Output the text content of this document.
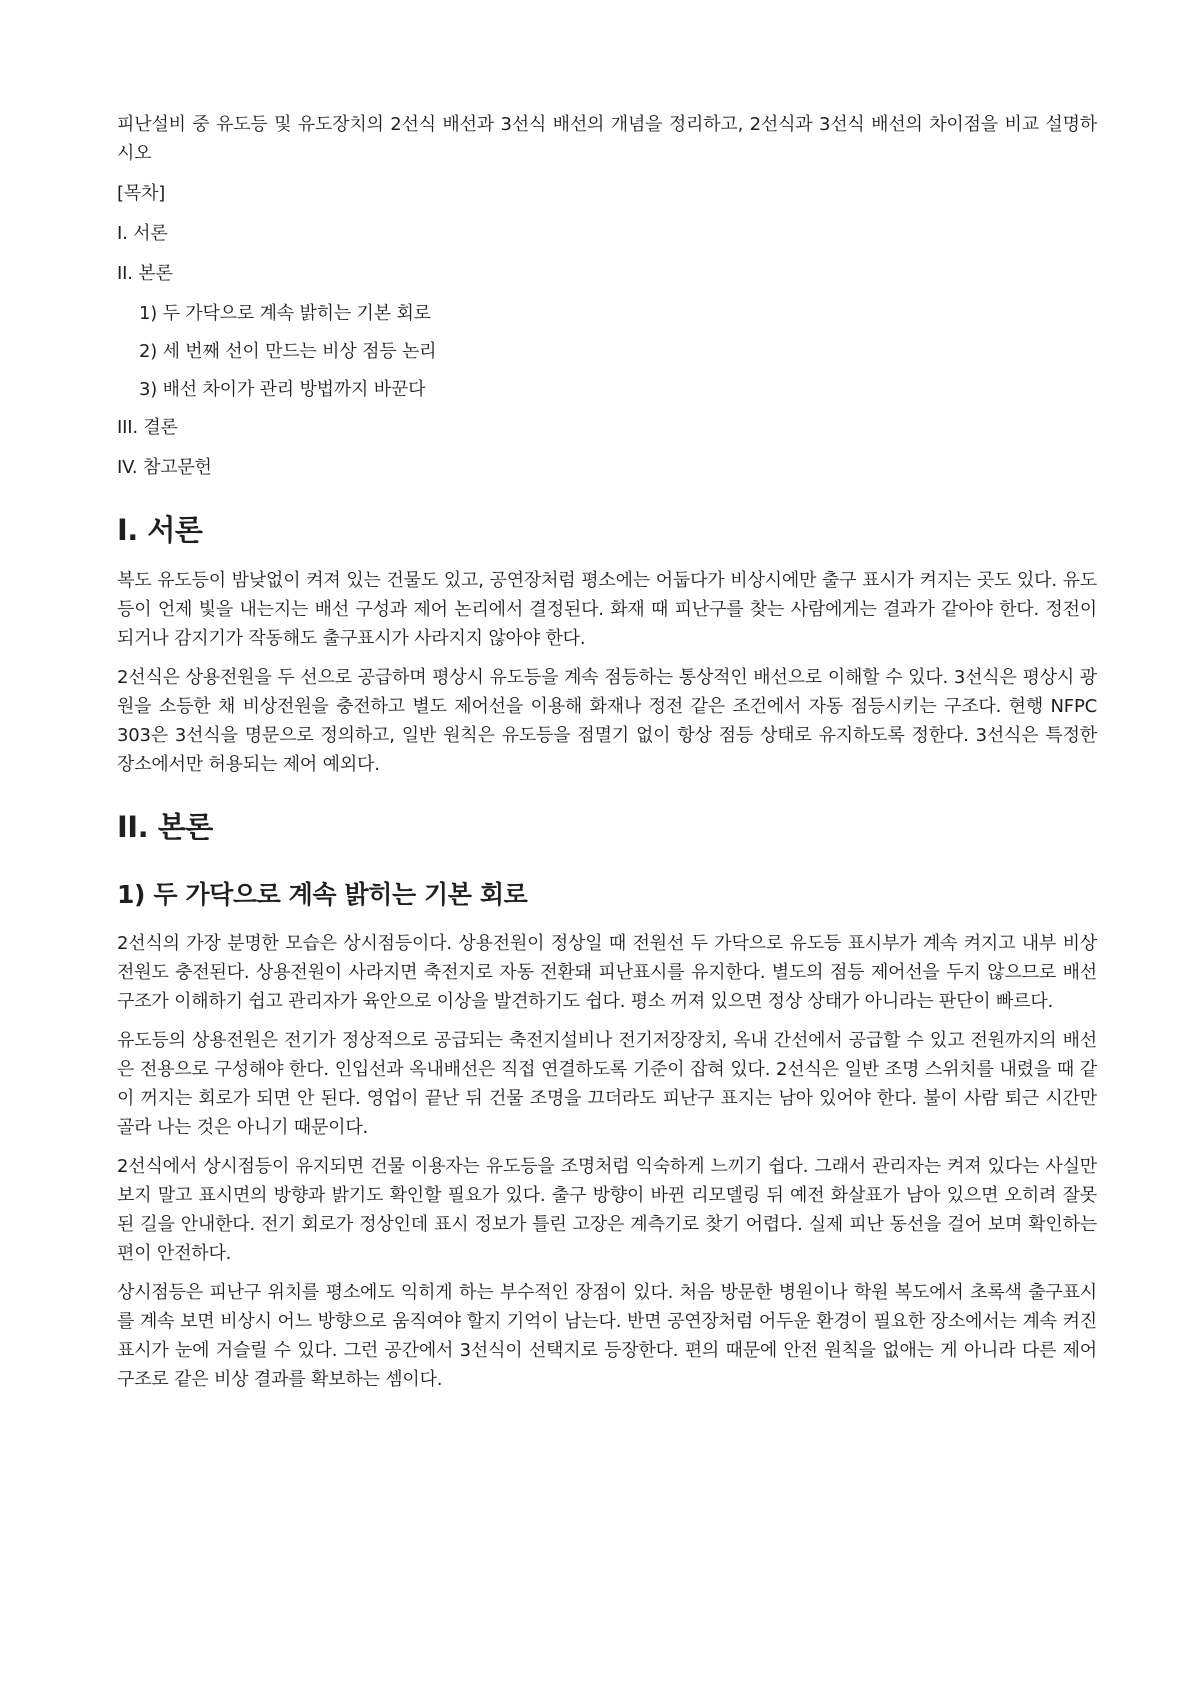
피난설비 중 유도등 및 유도장치의 2선식 배선과 3선식 배선의 개념을 정리하고, 2선식과 3선식 배선의 차이점을 비교 설명하시오

[목차]
I. 서론
II. 본론
1) 두 가닥으로 계속 밝히는 기본 회로
2) 세 번째 선이 만드는 비상 점등 논리
3) 배선 차이가 관리 방법까지 바꾼다
III. 결론
IV. 참고문헌
I. 서론

복도 유도등이 밤낮없이 켜져 있는 건물도 있고, 공연장처럼 평소에는 어둡다가 비상시에만 출구 표시가 켜지는 곳도 있다. 유도등이 언제 빛을 내는지는 배선 구성과 제어 논리에서 결정된다. 화재 때 피난구를 찾는 사람에게는 결과가 같아야 한다. 정전이 되거나 감지기가 작동해도 출구표시가 사라지지 않아야 한다.

2선식은 상용전원을 두 선으로 공급하며 평상시 유도등을 계속 점등하는 통상적인 배선으로 이해할 수 있다. 3선식은 평상시 광원을 소등한 채 비상전원을 충전하고 별도 제어선을 이용해 화재나 정전 같은 조건에서 자동 점등시키는 구조다. 현행 NFPC 303은 3선식을 명문으로 정의하고, 일반 원칙은 유도등을 점멸기 없이 항상 점등 상태로 유지하도록 정한다. 3선식은 특정한 장소에서만 허용되는 제어 예외다.

II. 본론
1) 두 가닥으로 계속 밝히는 기본 회로

2선식의 가장 분명한 모습은 상시점등이다. 상용전원이 정상일 때 전원선 두 가닥으로 유도등 표시부가 계속 켜지고 내부 비상전원도 충전된다. 상용전원이 사라지면 축전지로 자동 전환돼 피난표시를 유지한다. 별도의 점등 제어선을 두지 않으므로 배선 구조가 이해하기 쉽고 관리자가 육안으로 이상을 발견하기도 쉽다. 평소 꺼져 있으면 정상 상태가 아니라는 판단이 빠르다.

유도등의 상용전원은 전기가 정상적으로 공급되는 축전지설비나 전기저장장치, 옥내 간선에서 공급할 수 있고 전원까지의 배선은 전용으로 구성해야 한다. 인입선과 옥내배선은 직접 연결하도록 기준이 잡혀 있다. 2선식은 일반 조명 스위치를 내렸을 때 같이 꺼지는 회로가 되면 안 된다. 영업이 끝난 뒤 건물 조명을 끄더라도 피난구 표지는 남아 있어야 한다. 불이 사람 퇴근 시간만 골라 나는 것은 아니기 때문이다.

2선식에서 상시점등이 유지되면 건물 이용자는 유도등을 조명처럼 익숙하게 느끼기 쉽다. 그래서 관리자는 켜져 있다는 사실만 보지 말고 표시면의 방향과 밝기도 확인할 필요가 있다. 출구 방향이 바뀐 리모델링 뒤 예전 화살표가 남아 있으면 오히려 잘못된 길을 안내한다. 전기 회로가 정상인데 표시 정보가 틀린 고장은 계측기로 찾기 어렵다. 실제 피난 동선을 걸어 보며 확인하는 편이 안전하다.

상시점등은 피난구 위치를 평소에도 익히게 하는 부수적인 장점이 있다. 처음 방문한 병원이나 학원 복도에서 초록색 출구표시를 계속 보면 비상시 어느 방향으로 움직여야 할지 기억이 남는다. 반면 공연장처럼 어두운 환경이 필요한 장소에서는 계속 켜진 표시가 눈에 거슬릴 수 있다. 그런 공간에서 3선식이 선택지로 등장한다. 편의 때문에 안전 원칙을 없애는 게 아니라 다른 제어구조로 같은 비상 결과를 확보하는 셈이다.
